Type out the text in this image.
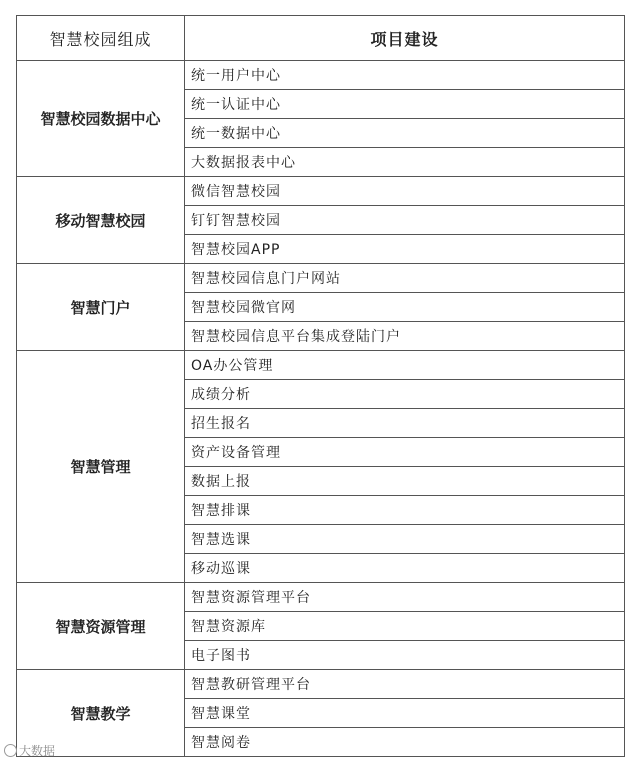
智慧校园组成	项目建设
智慧校园数据中心	统一用户中心
	统一认证中心
	统一数据中心
	大数据报表中心
移动智慧校园	微信智慧校园
	钉钉智慧校园
	智慧校园APP
智慧门户	智慧校园信息门户网站
	智慧校园微官网
	智慧校园信息平台集成登陆门户
智慧管理	OA办公管理
	成绩分析
	招生报名
	资产设备管理
	数据上报
	智慧排课
	智慧选课
	移动巡课
智慧资源管理	智慧资源管理平台
	智慧资源库
	电子图书
智慧教学	智慧教研管理平台
	智慧课堂
	智慧阅卷
大数据
